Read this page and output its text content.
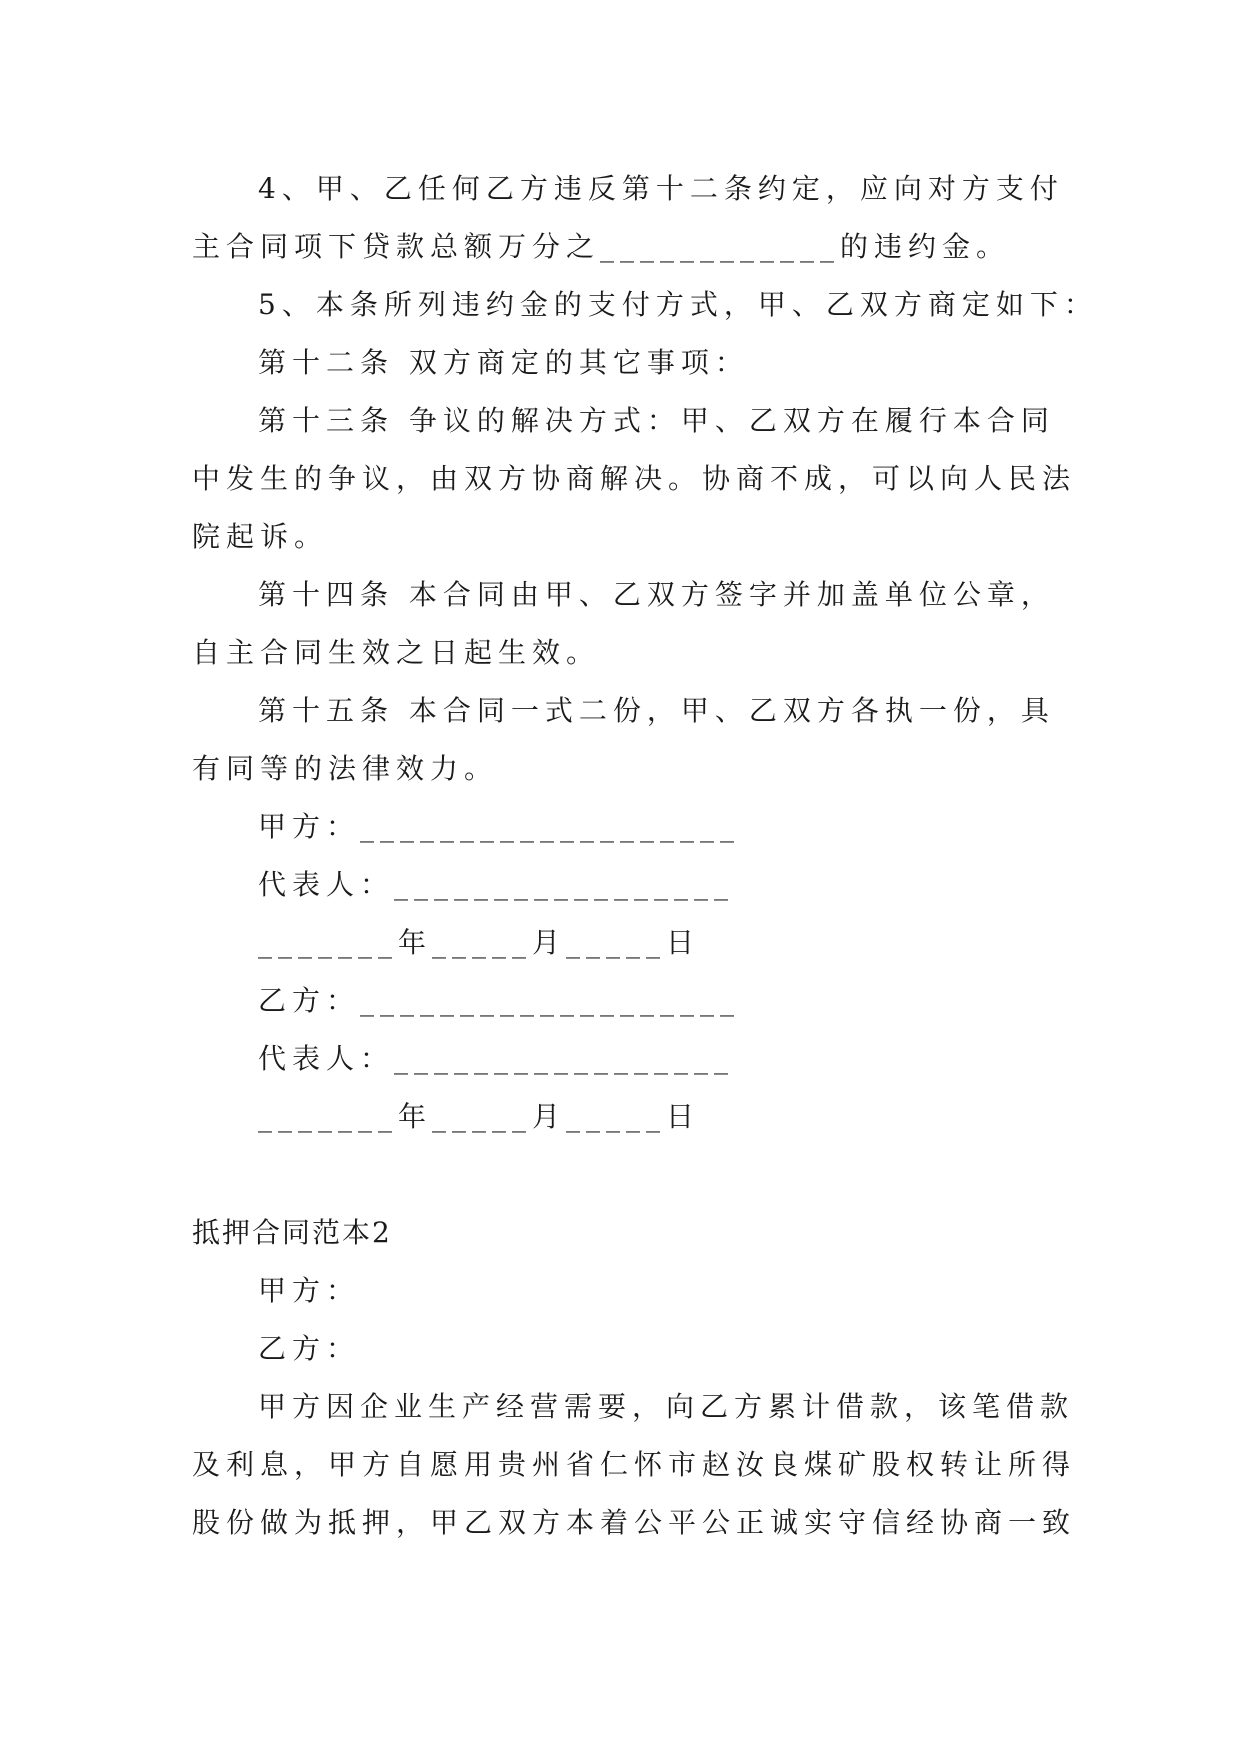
4、甲、乙任何乙方违反第十二条约定，应向对方支付
主合同项下贷款总额万分之____________的违约金。
5、本条所列违约金的支付方式，甲、乙双方商定如下：
第十二条 双方商定的其它事项：
第十三条 争议的解决方式：甲、乙双方在履行本合同
中发生的争议，由双方协商解决。协商不成，可以向人民法
院起诉。
第十四条 本合同由甲、乙双方签字并加盖单位公章，
自主合同生效之日起生效。
第十五条 本合同一式二份，甲、乙双方各执一份，具
有同等的法律效力。
甲方：___________________
代表人：_________________
_______年_____月_____日
乙方：___________________
代表人：_________________
_______年_____月_____日
抵押合同范本2
甲方：
乙方：
甲方因企业生产经营需要，向乙方累计借款，该笔借款
及利息，甲方自愿用贵州省仁怀市赵汝良煤矿股权转让所得
股份做为抵押，甲乙双方本着公平公正诚实守信经协商一致
